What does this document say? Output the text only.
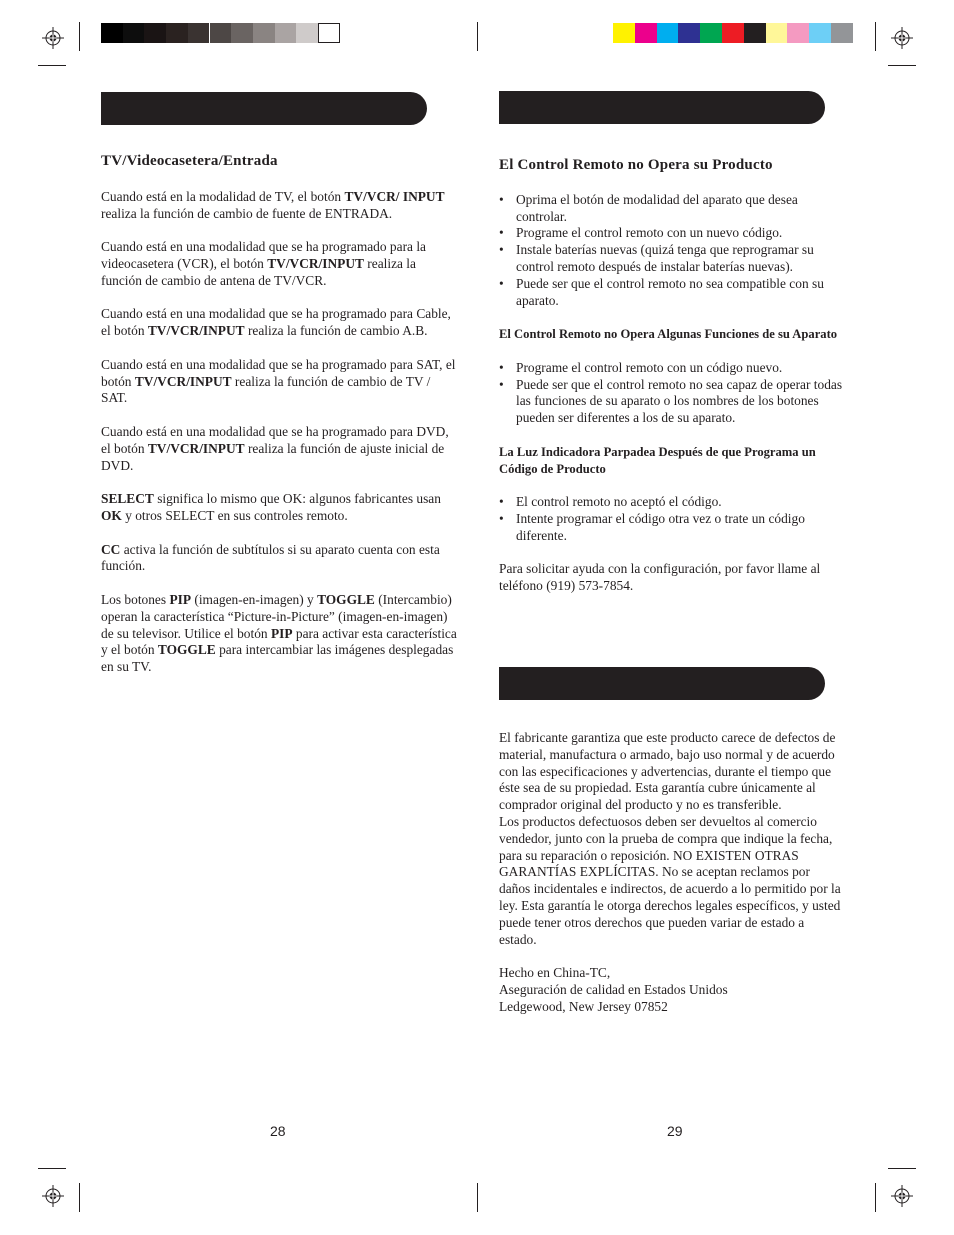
TV/Videocasetera/Entrada

Cuando está en la modalidad de TV, el botón TV/VCR/ INPUT realiza la función de cambio de fuente de ENTRADA.

Cuando está en una modalidad que se ha programado para la videocasetera (VCR), el botón TV/VCR/INPUT realiza la función de cambio de antena de TV/VCR.

Cuando está en una modalidad que se ha programado para Cable, el botón TV/VCR/INPUT realiza la función de cambio A.B.

Cuando está en una modalidad que se ha programado para SAT, el botón TV/VCR/INPUT realiza la función de cambio de TV / SAT.

Cuando está en una modalidad que se ha programado para DVD, el botón TV/VCR/INPUT realiza la función de ajuste inicial de DVD.

SELECT significa lo mismo que OK: algunos fabricantes usan OK y otros SELECT en sus controles remoto.

CC activa la función de subtítulos si su aparato cuenta con esta función.

Los botones PIP (imagen-en-imagen) y TOGGLE (Intercambio) operan la característica “Picture-in-Picture” (imagen-en-imagen) de su televisor. Utilice el botón PIP para activar esta característica y el botón TOGGLE para intercambiar las imágenes desplegadas en su TV.

El Control Remoto no Opera su Producto
• Oprima el botón de modalidad del aparato que desea controlar.
• Programe el control remoto con un nuevo código.
• Instale baterías nuevas (quizá tenga que reprogramar su control remoto después de instalar baterías nuevas).
• Puede ser que el control remoto no sea compatible con su aparato.
El Control Remoto no Opera Algunas Funciones de su Aparato
• Programe el control remoto con un código nuevo.
• Puede ser que el control remoto no sea capaz de operar todas las funciones de su aparato o los nombres de los botones pueden ser diferentes a los de su aparato.
La Luz Indicadora Parpadea Después de que Programa un Código de Producto
• El control remoto no aceptó el código.
• Intente programar el código otra vez o trate un código diferente.

Para solicitar ayuda con la configuración, por favor llame al teléfono (919) 573-7854.

El fabricante garantiza que este producto carece de defectos de material, manufactura o armado, bajo uso normal y de acuerdo con las especificaciones y advertencias, durante el tiempo que éste sea de su propiedad. Esta garantía cubre únicamente al comprador original del producto y no es transferible.

Los productos defectuosos deben ser devueltos al comercio vendedor, junto con la prueba de compra que indique la fecha, para su reparación o reposición. NO EXISTEN OTRAS GARANTÍAS EXPLÍCITAS. No se aceptan reclamos por daños incidentales e indirectos, de acuerdo a lo permitido por la ley. Esta garantía le otorga derechos legales específicos, y usted puede tener otros derechos que pueden variar de estado a estado.

Hecho en China-TC,
Aseguración de calidad en Estados Unidos
Ledgewood, New Jersey 07852
28	29
